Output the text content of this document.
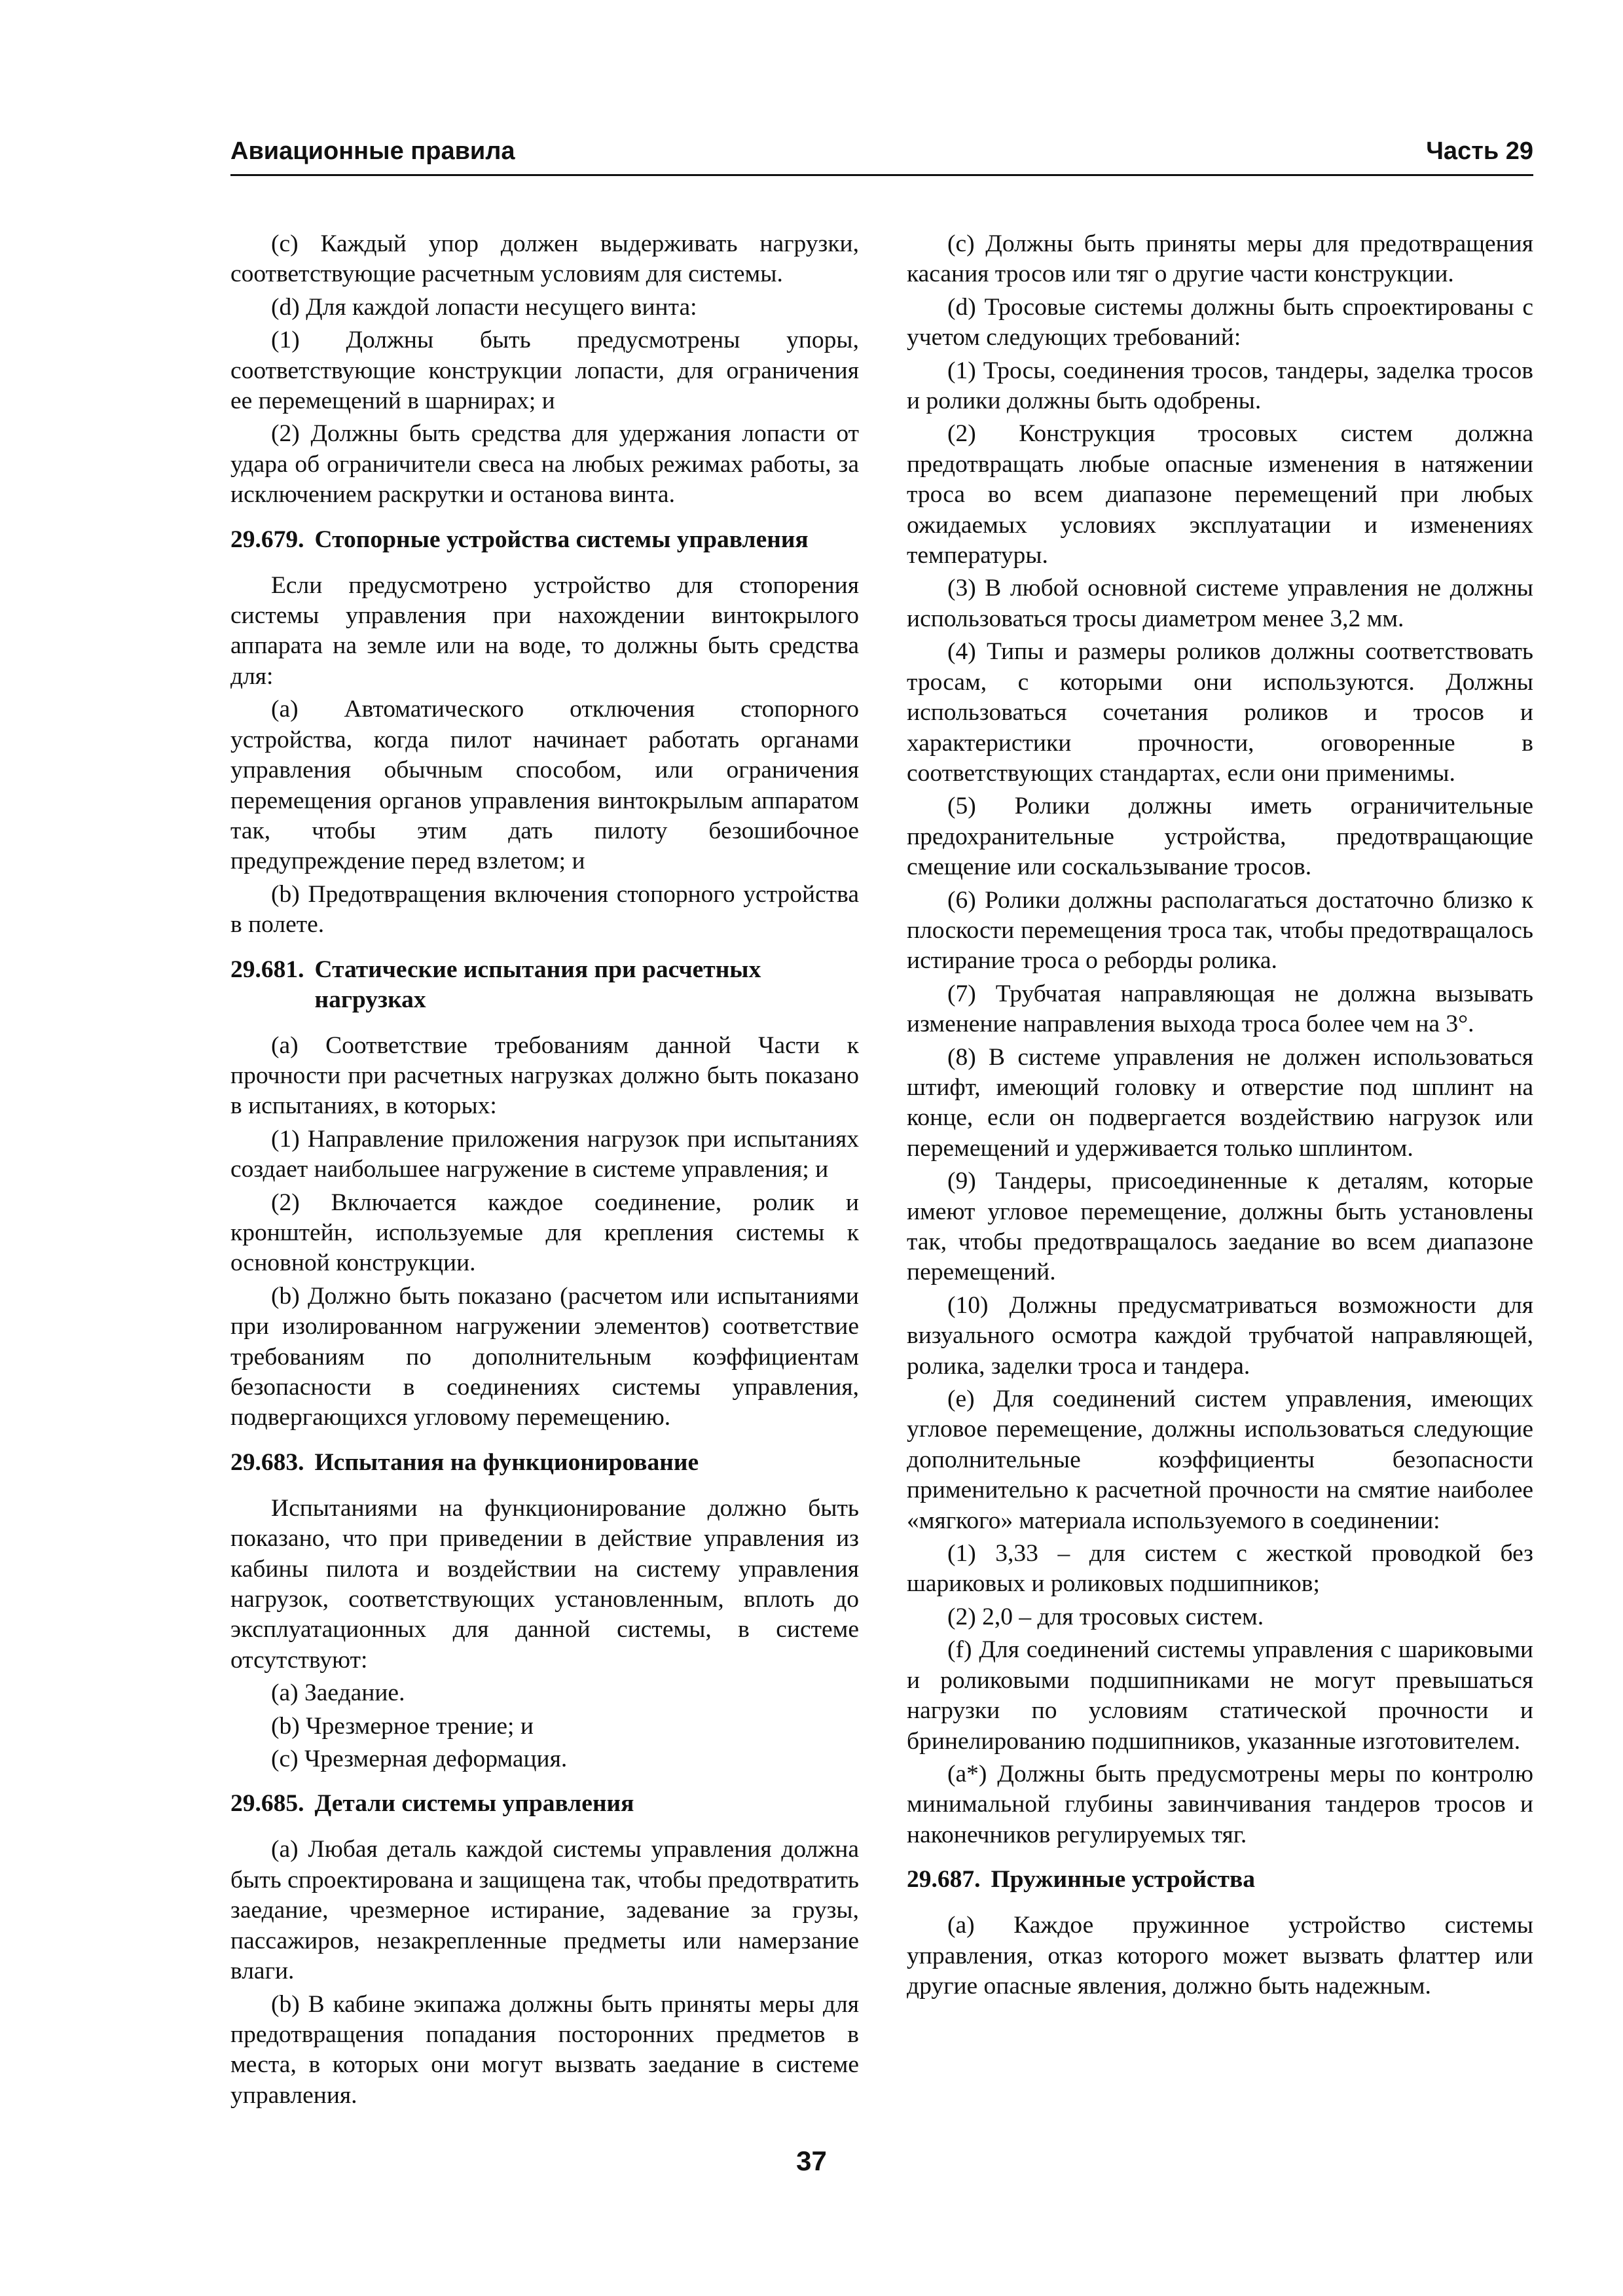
Авиационные правила	Часть 29

(c) Каждый упор должен выдерживать нагрузки, соответствующие расчетным условиям для системы.

(d) Для каждой лопасти несущего винта:

(1) Должны быть предусмотрены упоры, соответствующие конструкции лопасти, для ограничения ее перемещений в шарнирах; и

(2) Должны быть средства для удержания лопасти от удара об ограничители свеса на любых режимах работы, за исключением раскрутки и останова винта.

29.679. Стопорные устройства системы управления

Если предусмотрено устройство для стопорения системы управления при нахождении винтокрылого аппарата на земле или на воде, то должны быть средства для:

(a) Автоматического отключения стопорного устройства, когда пилот начинает работать органами управления обычным способом, или ограничения перемещения органов управления винтокрылым аппаратом так, чтобы этим дать пилоту безошибочное предупреждение перед взлетом; и

(b) Предотвращения включения стопорного устройства в полете.

29.681. Статические испытания при расчетных нагрузках

(a) Соответствие требованиям данной Части к прочности при расчетных нагрузках должно быть показано в испытаниях, в которых:

(1) Направление приложения нагрузок при испытаниях создает наибольшее нагружение в системе управления; и

(2) Включается каждое соединение, ролик и кронштейн, используемые для крепления системы к основной конструкции.

(b) Должно быть показано (расчетом или испытаниями при изолированном нагружении элементов) соответствие требованиям по дополнительным коэффициентам безопасности в соединениях системы управления, подвергающихся угловому перемещению.

29.683. Испытания на функционирование

Испытаниями на функционирование должно быть показано, что при приведении в действие управления из кабины пилота и воздействии на систему управления нагрузок, соответствующих установленным, вплоть до эксплуатационных для данной системы, в системе отсутствуют:

(a) Заедание.

(b) Чрезмерное трение; и

(c) Чрезмерная деформация.

29.685. Детали системы управления

(a) Любая деталь каждой системы управления должна быть спроектирована и защищена так, чтобы предотвратить заедание, чрезмерное истирание, задевание за грузы, пассажиров, незакрепленные предметы или намерзание влаги.

(b) В кабине экипажа должны быть приняты меры для предотвращения попадания посторонних предметов в места, в которых они могут вызвать заедание в системе управления.

(c) Должны быть приняты меры для предотвращения касания тросов или тяг о другие части конструкции.

(d) Тросовые системы должны быть спроектированы с учетом следующих требований:

(1) Тросы, соединения тросов, тандеры, заделка тросов и ролики должны быть одобрены.

(2) Конструкция тросовых систем должна предотвращать любые опасные изменения в натяжении троса во всем диапазоне перемещений при любых ожидаемых условиях эксплуатации и изменениях температуры.

(3) В любой основной системе управления не должны использоваться тросы диаметром менее 3,2 мм.

(4) Типы и размеры роликов должны соответствовать тросам, с которыми они используются. Должны использоваться сочетания роликов и тросов и характеристики прочности, оговоренные в соответствующих стандартах, если они применимы.

(5) Ролики должны иметь ограничительные предохранительные устройства, предотвращающие смещение или соскальзывание тросов.

(6) Ролики должны располагаться достаточно близко к плоскости перемещения троса так, чтобы предотвращалось истирание троса о реборды ролика.

(7) Трубчатая направляющая не должна вызывать изменение направления выхода троса более чем на 3°.

(8) В системе управления не должен использоваться штифт, имеющий головку и отверстие под шплинт на конце, если он подвергается воздействию нагрузок или перемещений и удерживается только шплинтом.

(9) Тандеры, присоединенные к деталям, которые имеют угловое перемещение, должны быть установлены так, чтобы предотвращалось заедание во всем диапазоне перемещений.

(10) Должны предусматриваться возможности для визуального осмотра каждой трубчатой направляющей, ролика, заделки троса и тандера.

(e) Для соединений систем управления, имеющих угловое перемещение, должны использоваться следующие дополнительные коэффициенты безопасности применительно к расчетной прочности на смятие наиболее «мягкого» материала используемого в соединении:

(1) 3,33 – для систем с жесткой проводкой без шариковых и роликовых подшипников;

(2) 2,0 – для тросовых систем.

(f) Для соединений системы управления с шариковыми и роликовыми подшипниками не могут превышаться нагрузки по условиям статической прочности и бринелированию подшипников, указанные изготовителем.

(a*) Должны быть предусмотрены меры по контролю минимальной глубины завинчивания тандеров тросов и наконечников регулируемых тяг.

29.687. Пружинные устройства

(a) Каждое пружинное устройство системы управления, отказ которого может вызвать флаттер или другие опасные явления, должно быть надежным.

37
